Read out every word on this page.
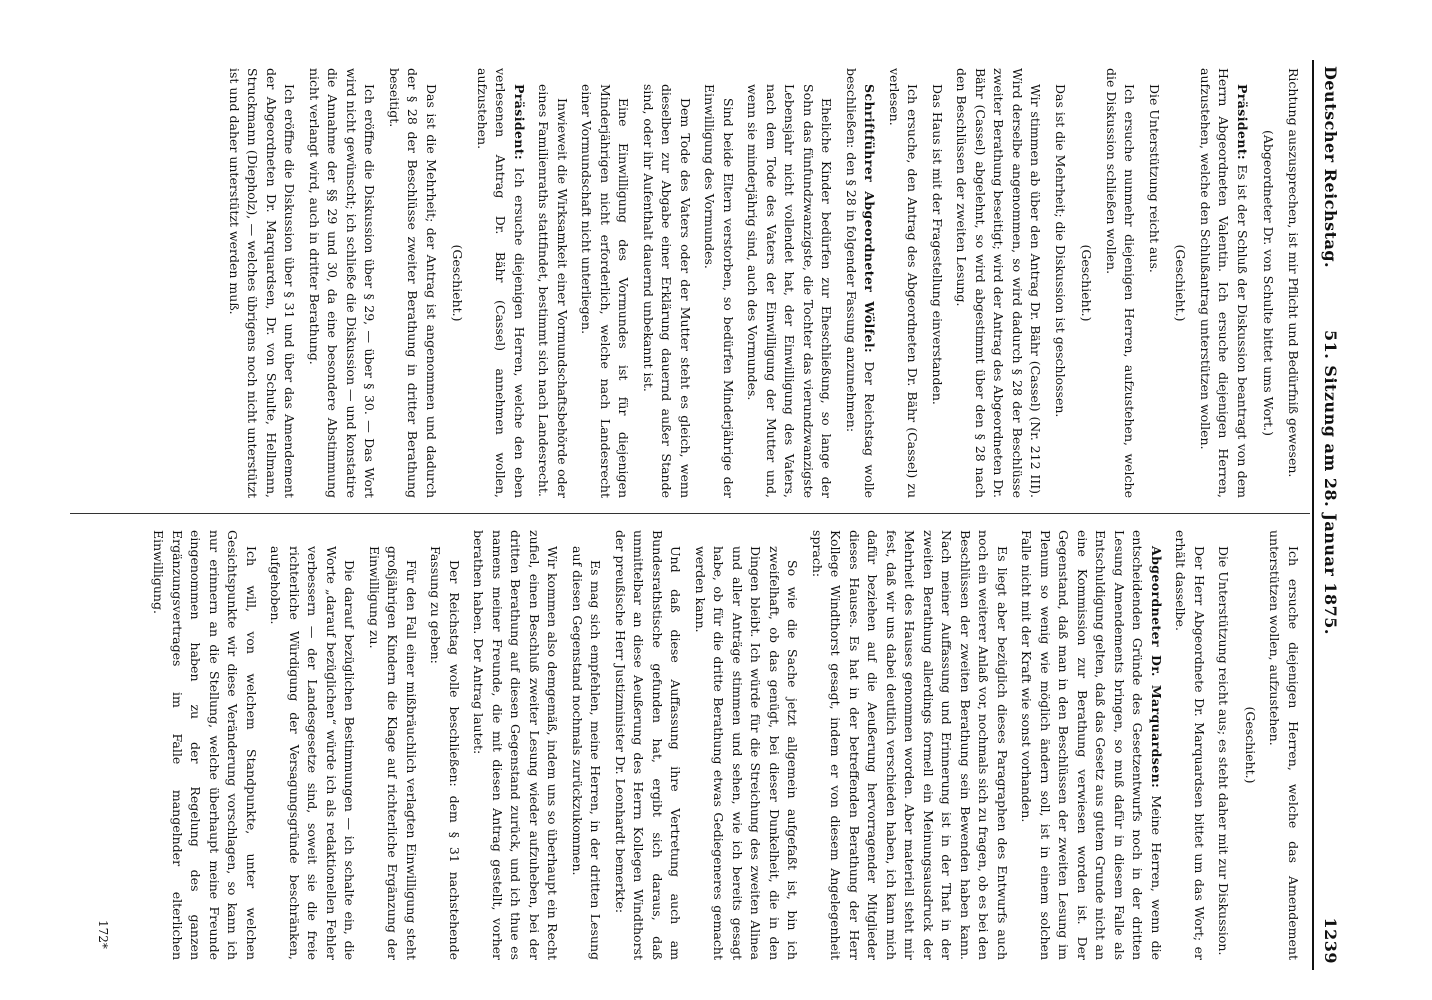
Deutscher Reichstag.
51. Sitzung am 28. Januar 1875.
1239

Richtung auszusprechen, ist mir Pflicht und Bedürfniß gewesen.

(Abgeordneter Dr. von Schulte bittet ums Wort.)

Präsident: Es ist der Schluß der Diskussion beantragt von dem Herrn Abgeordneten Valentin. Ich ersuche diejenigen Herren, aufzustehen, welche den Schlußantrag unterstützen wollen.

(Geschieht.)

Die Unterstützung reicht aus.

Ich ersuche nunmehr diejenigen Herren, aufzustehen, welche die Diskussion schließen wollen.

(Geschieht.)

Das ist die Mehrheit; die Diskussion ist geschlossen.

Wir stimmen ab über den Antrag Dr. Bähr (Cassel) (Nr. 212 III). Wird derselbe angenommen, so wird dadurch § 28 der Beschlüsse zweiter Berathung beseitigt; wird der Antrag des Abgeordneten Dr. Bähr (Cassel) abgelehnt, so wird abgestimmt über den § 28 nach den Beschlüssen der zweiten Lesung.

Das Haus ist mit der Fragestellung einverstanden.

Ich ersuche, den Antrag des Abgeordneten Dr. Bähr (Cassel) zu verlesen.

Schriftführer Abgeordneter Wölfel: Der Reichstag wolle beschließen: den § 28 in folgender Fassung anzunehmen:

Eheliche Kinder bedürfen zur Eheschließung, so lange der Sohn das fünfundzwanzigste, die Tochter das vierundzwanzigste Lebensjahr nicht vollendet hat, der Einwilligung des Vaters, nach dem Tode des Vaters der Einwilligung der Mutter und, wenn sie minderjährig sind, auch des Vormundes.

Sind beide Eltern verstorben, so bedürfen Minderjährige der Einwilligung des Vormundes.

Dem Tode des Vaters oder der Mutter steht es gleich, wenn dieselben zur Abgabe einer Erklärung dauernd außer Stande sind, oder ihr Aufenthalt dauernd unbekannt ist.

Eine Einwilligung des Vormundes ist für diejenigen Minderjährigen nicht erforderlich, welche nach Landesrecht einer Vormundschaft nicht unterliegen.

Inwieweit die Wirksamkeit einer Vormundschaftsbehörde oder eines Familienraths stattfindet, bestimmt sich nach Landesrecht.

Präsident: Ich ersuche diejenigen Herren, welche den eben verlesenen Antrag Dr. Bähr (Cassel) annehmen wollen, aufzustehen.

(Geschieht.)

Das ist die Mehrheit; der Antrag ist angenommen und dadurch der § 28 der Beschlüsse zweiter Berathung in dritter Berathung beseitigt.

Ich eröffne die Diskussion über § 29, — über § 30. — Das Wort wird nicht gewünscht; ich schließe die Diskussion — und konstatire die Annahme der §§ 29 und 30, da eine besondere Abstimmung nicht verlangt wird, auch in dritter Berathung.

Ich eröffne die Diskussion über § 31 und über das Amendement der Abgeordneten Dr. Marquardsen, Dr. von Schulte, Hellmann, Struckmann (Diepholz), — welches übrigens noch nicht unterstützt ist und daher unterstützt werden muß.

Ich ersuche diejenigen Herren, welche das Amendement unterstützen wollen, aufzustehen.

(Geschieht.)

Die Unterstützung reicht aus; es steht daher mit zur Diskussion.

Der Herr Abgeordnete Dr. Marquardsen bittet um das Wort; er erhält dasselbe.

Abgeordneter Dr. Marquardsen: Meine Herren, wenn die entscheidenden Gründe des Gesetzentwurfs noch in der dritten Lesung Amendements bringen, so muß dafür in diesem Falle als Entschuldigung gelten, daß das Gesetz aus gutem Grunde nicht an eine Kommission zur Berathung verwiesen worden ist. Der Gegenstand, daß man in den Beschlüssen der zweiten Lesung im Plenum so wenig wie möglich ändern soll, ist in einem solchen Falle nicht mit der Kraft wie sonst vorhanden.

Es liegt aber bezüglich dieses Paragraphen des Entwurfs auch noch ein weiterer Anlaß vor, nochmals sich zu fragen, ob es bei den Beschlüssen der zweiten Berathung sein Bewenden haben kann. Nach meiner Auffassung und Erinnerung ist in der That in der zweiten Berathung allerdings formell ein Meinungsausdruck der Mehrheit des Hauses genommen worden. Aber materiell steht mir fest, daß wir uns dabei deutlich verschieden haben, ich kann mich dafür beziehen auf die Aeußerung hervorragender Mitglieder dieses Hauses. Es hat in der betreffenden Berathung der Herr Kollege Windthorst gesagt, indem er von diesem Angelegenheit sprach:

So wie die Sache jetzt allgemein aufgefaßt ist, bin ich zweifelhaft, ob das genügt, bei dieser Dunkelheit, die in den Dingen bleibt. Ich würde für die Streichung des zweiten Alinea und aller Anträge stimmen und sehen, wie ich bereits gesagt habe, ob für die dritte Berathung etwas Gediegeneres gemacht werden kann.

Und daß diese Auffassung ihre Vertretung auch am Bundesrathstische gefunden hat, ergibt sich daraus, daß unmittelbar an diese Aeußerung des Herrn Kollegen Windthorst der preußische Herr Justizminister Dr. Leonhardt bemerkte:

Es mag sich empfehlen, meine Herren, in der dritten Lesung auf diesen Gegenstand nochmals zurückzukommen.

Wir kommen also demgemäß, indem uns so überhaupt ein Recht zufiel, einen Beschluß zweiter Lesung wieder aufzuheben, bei der dritten Berathung auf diesen Gegenstand zurück, und ich thue es namens meiner Freunde, die mit diesen Antrag gestellt, vorher berathen haben. Der Antrag lautet:

Der Reichstag wolle beschließen: dem § 31 nachstehende Fassung zu geben:

Für den Fall einer mißbräuchlich verlagten Einwilligung steht großjährigen Kindern die Klage auf richterliche Ergänzung der Einwilligung zu.

Die darauf bezüglichen Bestimmungen — ich schalte ein, die Worte „darauf bezüglichen“ würde ich als redaktionellen Fehler verbessern — der Landesgesetze sind, soweit sie die freie richterliche Würdigung der Versagungsgründe beschränken, aufgehoben.

Ich will, von welchem Standpunkte, unter welchen Gesichtspunkte wir diese Veränderung vorschlagen, so kann ich nur erinnern an die Stellung, welche überhaupt meine Freunde eingenommen haben zu der Regelung des ganzen Ergänzungsvertrages im Falle mangelnder elterlichen Einwilligung.

172*
